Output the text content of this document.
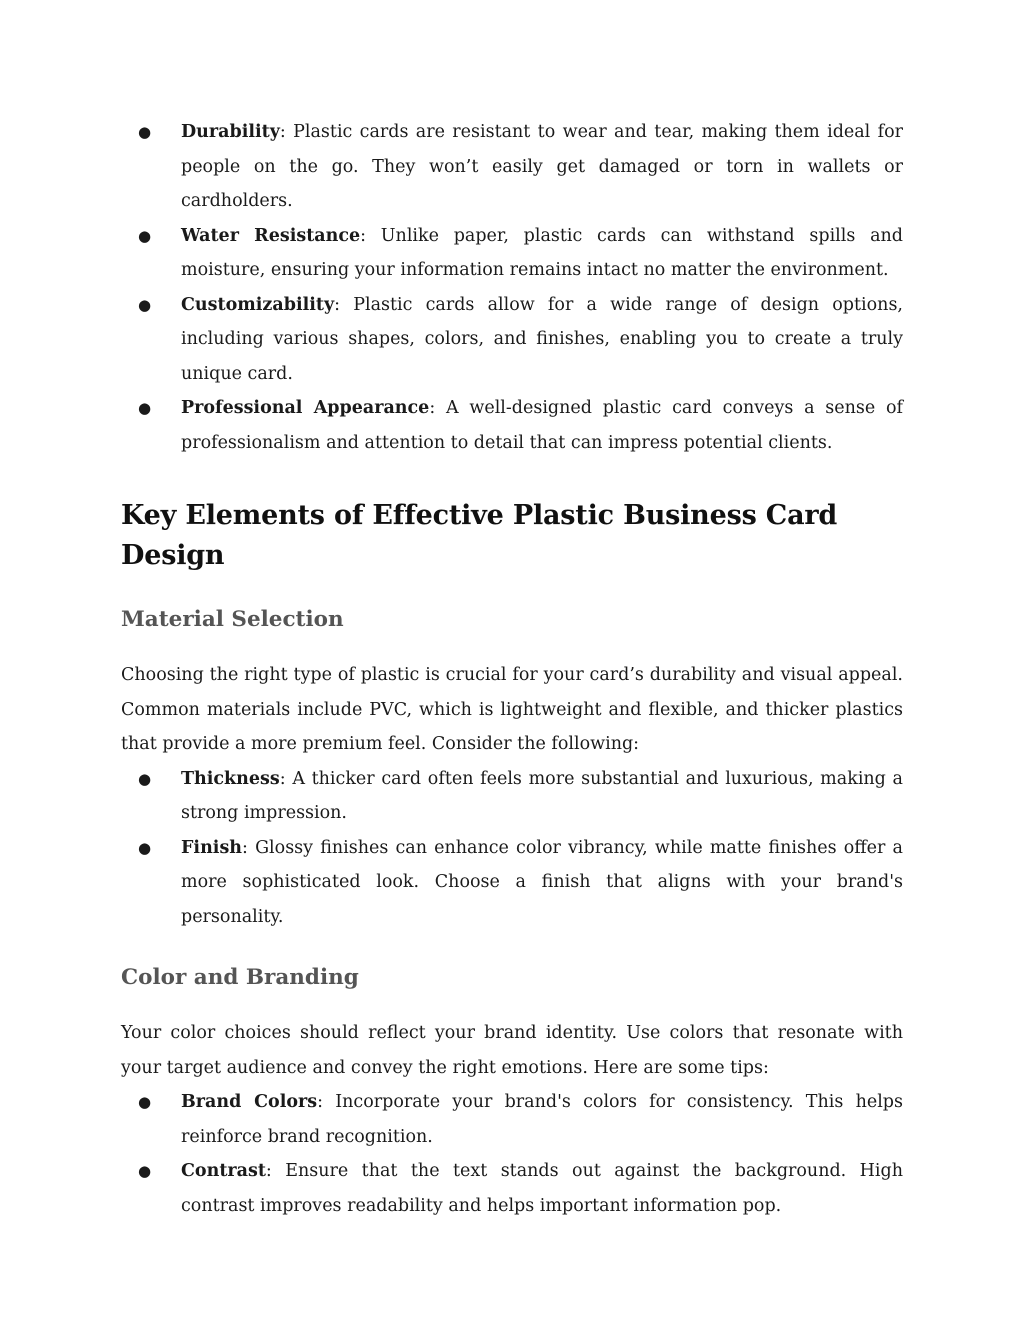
● Durability: Plastic cards are resistant to wear and tear, making them ideal for people on the go. They won’t easily get damaged or torn in wallets or cardholders.
● Water Resistance: Unlike paper, plastic cards can withstand spills and moisture, ensuring your information remains intact no matter the environment.
● Customizability: Plastic cards allow for a wide range of design options, including various shapes, colors, and finishes, enabling you to create a truly unique card.
● Professional Appearance: A well-designed plastic card conveys a sense of professionalism and attention to detail that can impress potential clients.
Key Elements of Effective Plastic Business Card Design
Material Selection

Choosing the right type of plastic is crucial for your card’s durability and visual appeal. Common materials include PVC, which is lightweight and flexible, and thicker plastics that provide a more premium feel. Consider the following:

● Thickness: A thicker card often feels more substantial and luxurious, making a strong impression.
● Finish: Glossy finishes can enhance color vibrancy, while matte finishes offer a more sophisticated look. Choose a finish that aligns with your brand's personality.
Color and Branding

Your color choices should reflect your brand identity. Use colors that resonate with your target audience and convey the right emotions. Here are some tips:

● Brand Colors: Incorporate your brand's colors for consistency. This helps reinforce brand recognition.
● Contrast: Ensure that the text stands out against the background. High contrast improves readability and helps important information pop.
